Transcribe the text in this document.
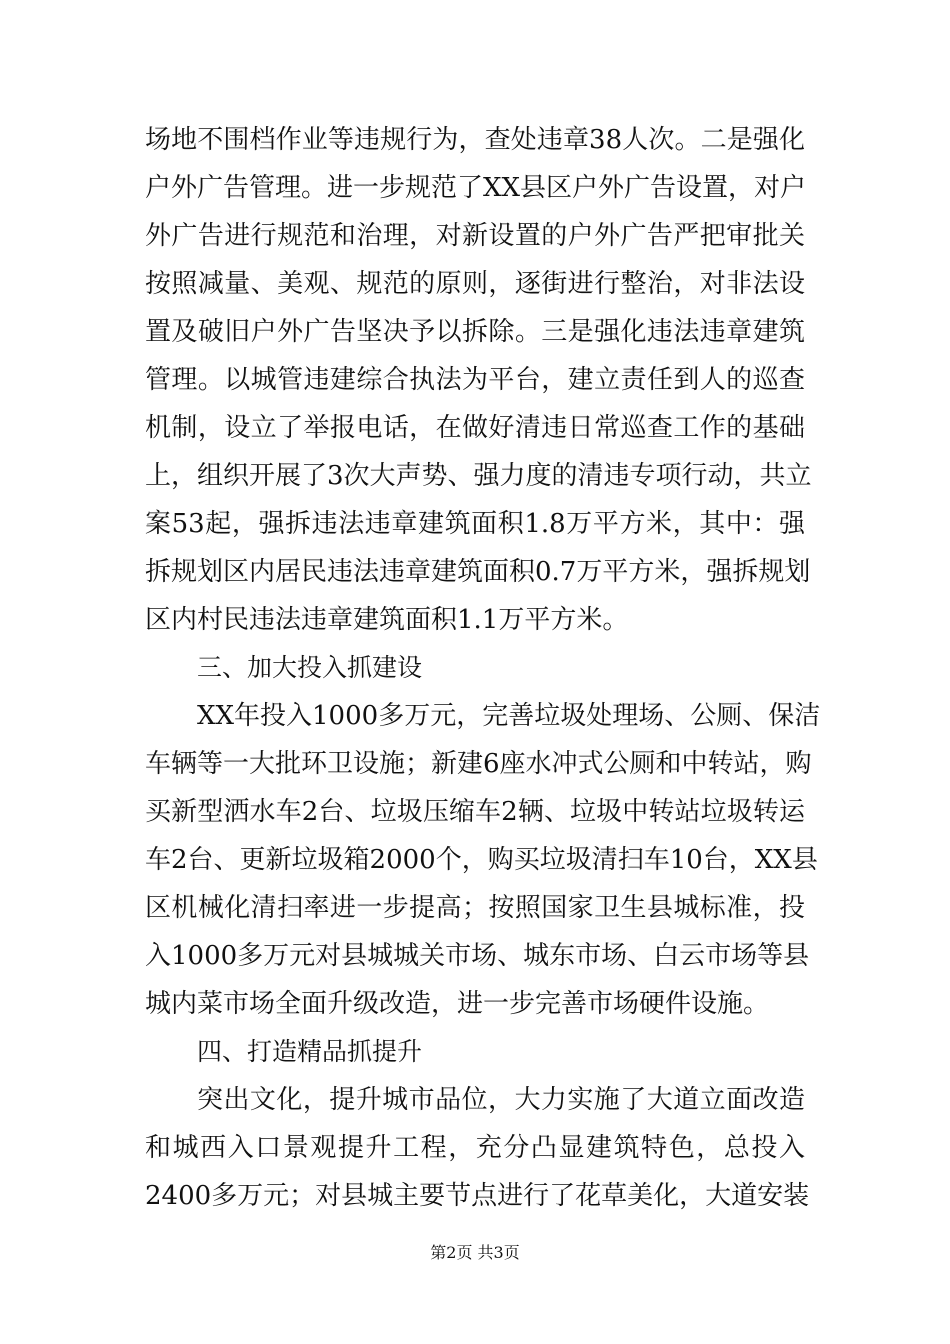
场地不围档作业等违规行为，查处违章38人次。二是强化
户外广告管理。进一步规范了XX县区户外广告设置，对户
外广告进行规范和治理，对新设置的户外广告严把审批关
按照减量、美观、规范的原则，逐街进行整治，对非法设
置及破旧户外广告坚决予以拆除。三是强化违法违章建筑
管理。以城管违建综合执法为平台，建立责任到人的巡查
机制，设立了举报电话，在做好清违日常巡查工作的基础
上，组织开展了3次大声势、强力度的清违专项行动，共立
案53起，强拆违法违章建筑面积1.8万平方米，其中：强
拆规划区内居民违法违章建筑面积0.7万平方米，强拆规划
区内村民违法违章建筑面积1.1万平方米。
三、加大投入抓建设
XX年投入1000多万元，完善垃圾处理场、公厕、保洁
车辆等一大批环卫设施；新建6座水冲式公厕和中转站，购
买新型洒水车2台、垃圾压缩车2辆、垃圾中转站垃圾转运
车2台、更新垃圾箱2000个，购买垃圾清扫车10台，XX县
区机械化清扫率进一步提高；按照国家卫生县城标准，投
入1000多万元对县城城关市场、城东市场、白云市场等县
城内菜市场全面升级改造，进一步完善市场硬件设施。
四、打造精品抓提升
突出文化，提升城市品位，大力实施了大道立面改造
和城西入口景观提升工程，充分凸显建筑特色，总投入
2400多万元；对县城主要节点进行了花草美化，大道安装
第2页 共3页
